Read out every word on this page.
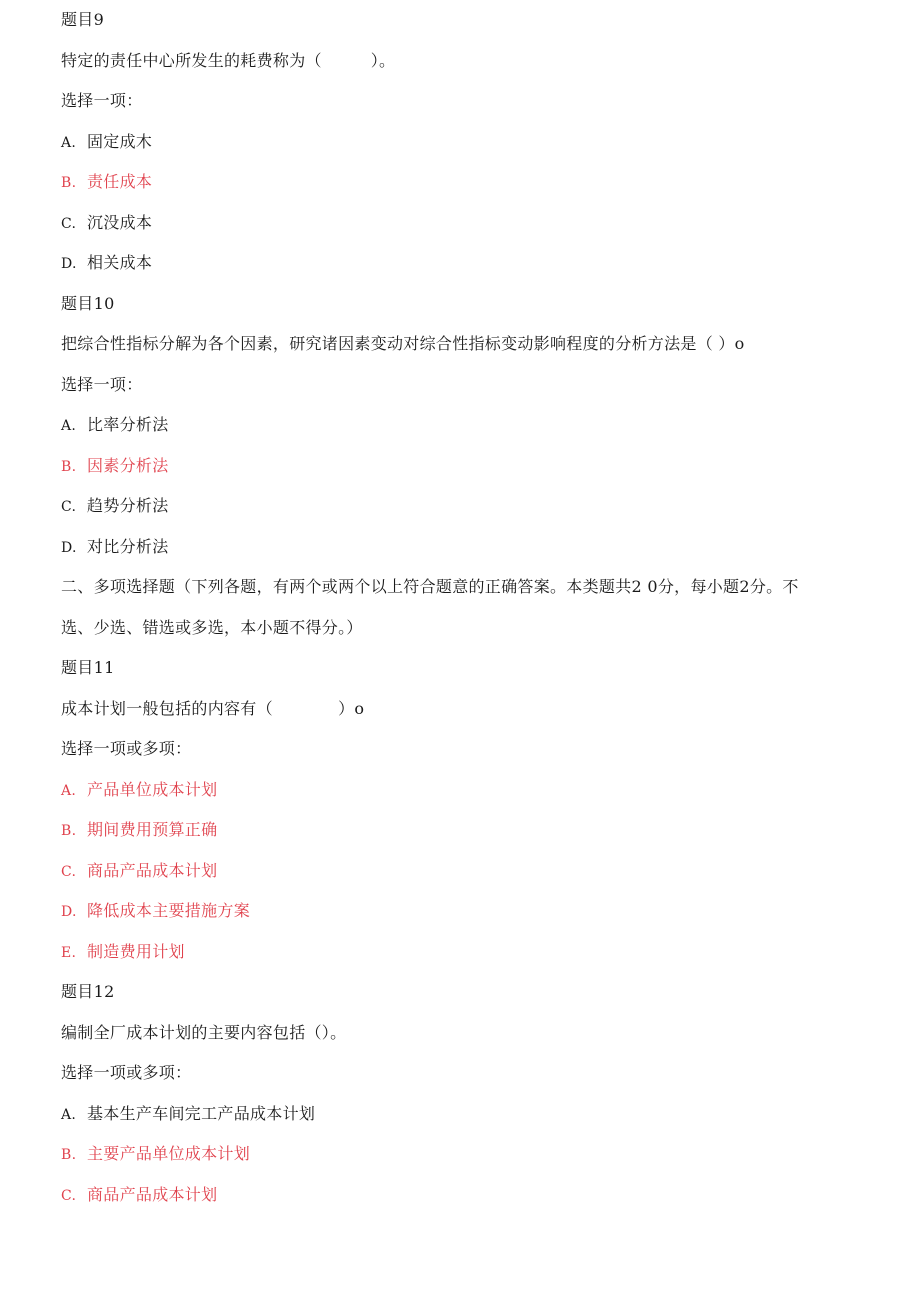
题目9
特定的责任中心所发生的耗费称为（　　　）。
选择一项：
A. 固定成木
B. 责任成本
C. 沉没成本
D. 相关成本
题目10
把综合性指标分解为各个因素，研究诸因素变动对综合性指标变动影响程度的分析方法是（ ）o
选择一项：
A. 比率分析法
B. 因素分析法
C. 趋势分析法
D. 对比分析法
二、多项选择题（下列各题，有两个或两个以上符合题意的正确答案。本类题共2 0分，每小题2分。不
选、少选、错选或多选，本小题不得分。）
题目11
成本计划一般包括的内容有（　　　　）o
选择一项或多项：
A. 产品单位成本计划
B. 期间费用预算正确
C. 商品产品成本计划
D. 降低成本主要措施方案
E. 制造费用计划
题目12
编制全厂成本计划的主要内容包括（）。
选择一项或多项：
A. 基本生产车间完工产品成本计划
B. 主要产品单位成本计划
C. 商品产品成本计划
